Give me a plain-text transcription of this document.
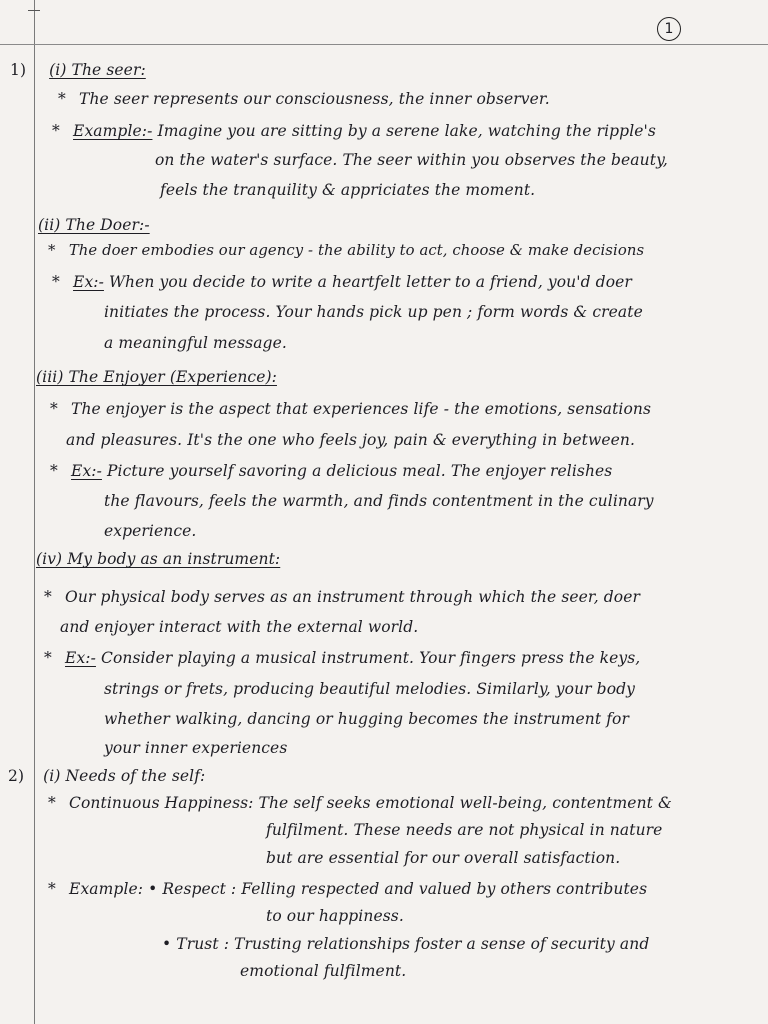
1
1) (i) The seer:
* The seer represents our consciousness, the inner observer.
* Example:- Imagine you are sitting by a serene lake, watching the ripple's
on the water's surface. The seer within you observes the beauty,
feels the tranquility & appriciates the moment.
(ii) The Doer:-
* The doer embodies our agency - the ability to act, choose & make decisions
* Ex:- When you decide to write a heartfelt letter to a friend, you'd doer
initiates the process. Your hands pick up pen ; form words & create
a meaningful message.
(iii) The Enjoyer (Experience):
* The enjoyer is the aspect that experiences life - the emotions, sensations
and pleasures. It's the one who feels joy, pain & everything in between.
* Ex:- Picture yourself savoring a delicious meal. The enjoyer relishes
the flavours, feels the warmth, and finds contentment in the culinary
experience.
(iv) My body as an instrument:
* Our physical body serves as an instrument through which the seer, doer
and enjoyer interact with the external world.
* Ex:- Consider playing a musical instrument. Your fingers press the keys,
strings or frets, producing beautiful melodies. Similarly, your body
whether walking, dancing or hugging becomes the instrument for
your inner experiences
2) (i) Needs of the self:
* Continuous Happiness: The self seeks emotional well-being, contentment &
fulfilment. These needs are not physical in nature
but are essential for our overall satisfaction.
* Example: • Respect : Felling respected and valued by others contributes
to our happiness.
• Trust : Trusting relationships foster a sense of security and
emotional fulfilment.
